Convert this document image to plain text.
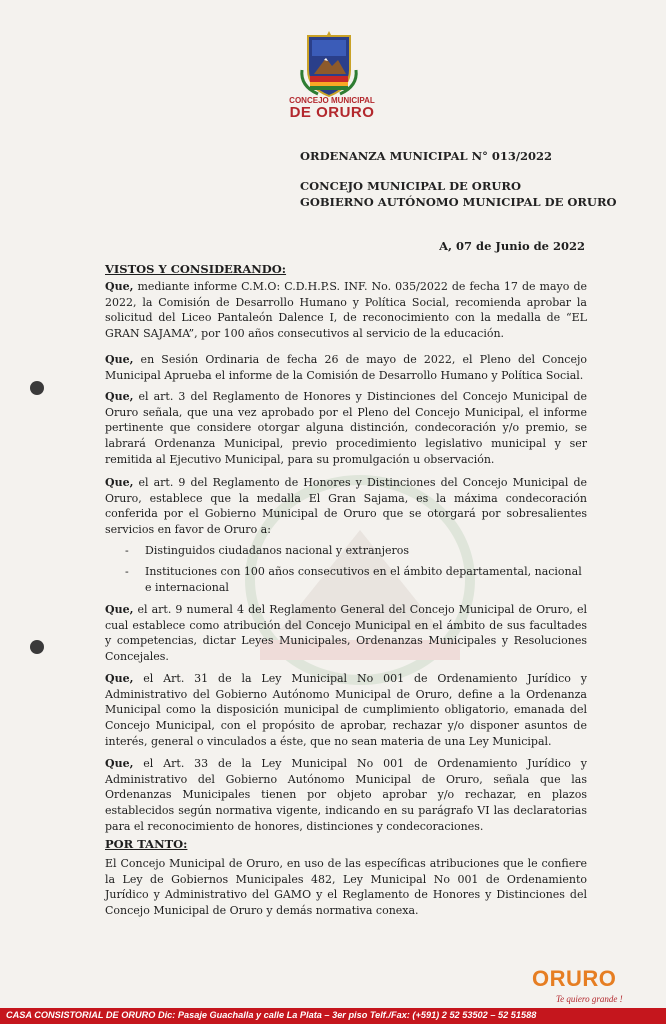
CONCEJO MUNICIPAL
DE ORURO
ORDENANZA MUNICIPAL N° 013/2022
CONCEJO MUNICIPAL DE ORURO
GOBIERNO AUTÓNOMO MUNICIPAL DE ORURO
A, 07 de Junio de 2022
VISTOS Y CONSIDERANDO:
Que, mediante informe C.M.O: C.D.H.P.S. INF. No. 035/2022 de fecha 17 de mayo de 2022, la Comisión de Desarrollo Humano y Política Social, recomienda aprobar la solicitud del Liceo Pantaleón Dalence I, de reconocimiento con la medalla de “EL GRAN SAJAMA”, por 100 años consecutivos al servicio de la educación.
Que, en Sesión Ordinaria de fecha 26 de mayo de 2022, el Pleno del Concejo Municipal Aprueba el informe de la Comisión de Desarrollo Humano y Política Social.
Que, el art. 3 del Reglamento de Honores y Distinciones del Concejo Municipal de Oruro señala, que una vez aprobado por el Pleno del Concejo Municipal, el informe pertinente que considere otorgar alguna distinción, condecoración y/o premio, se labrará Ordenanza Municipal, previo procedimiento legislativo municipal y ser remitida al Ejecutivo Municipal, para su promulgación u observación.
Que, el art. 9 del Reglamento de Honores y Distinciones del Concejo Municipal de Oruro, establece que la medalla El Gran Sajama, es la máxima condecoración conferida por el Gobierno Municipal de Oruro que se otorgará por sobresalientes servicios en favor de Oruro a:
- Distinguidos ciudadanos nacional y extranjeros
- Instituciones con 100 años consecutivos en el ámbito departamental, nacional e internacional
Que, el art. 9 numeral 4 del Reglamento General del Concejo Municipal de Oruro, el cual establece como atribución del Concejo Municipal en el ámbito de sus facultades y competencias, dictar Leyes Municipales, Ordenanzas Municipales y Resoluciones Concejales.
Que, el Art. 31 de la Ley Municipal No 001 de Ordenamiento Jurídico y Administrativo del Gobierno Autónomo Municipal de Oruro, define a la Ordenanza Municipal como la disposición municipal de cumplimiento obligatorio, emanada del Concejo Municipal, con el propósito de aprobar, rechazar y/o disponer asuntos de interés, general o vinculados a éste, que no sean materia de una Ley Municipal.
Que, el Art. 33 de la Ley Municipal No 001 de Ordenamiento Jurídico y Administrativo del Gobierno Autónomo Municipal de Oruro, señala que las Ordenanzas Municipales tienen por objeto aprobar y/o rechazar, en plazos establecidos según normativa vigente, indicando en su parágrafo VI las declaratorias para el reconocimiento de honores, distinciones y condecoraciones.
POR TANTO:
El Concejo Municipal de Oruro, en uso de las específicas atribuciones que le confiere la Ley de Gobiernos Municipales 482, Ley Municipal No 001 de Ordenamiento Jurídico y Administrativo del GAMO y el Reglamento de Honores y Distinciones del Concejo Municipal de Oruro y demás normativa conexa.
ORURO
Te quiero grande !
CASA CONSISTORIAL DE ORURO Dic: Pasaje Guachalla y calle La Plata – 3er piso Telf./Fax: (+591) 2 52 53502 – 52 51588
